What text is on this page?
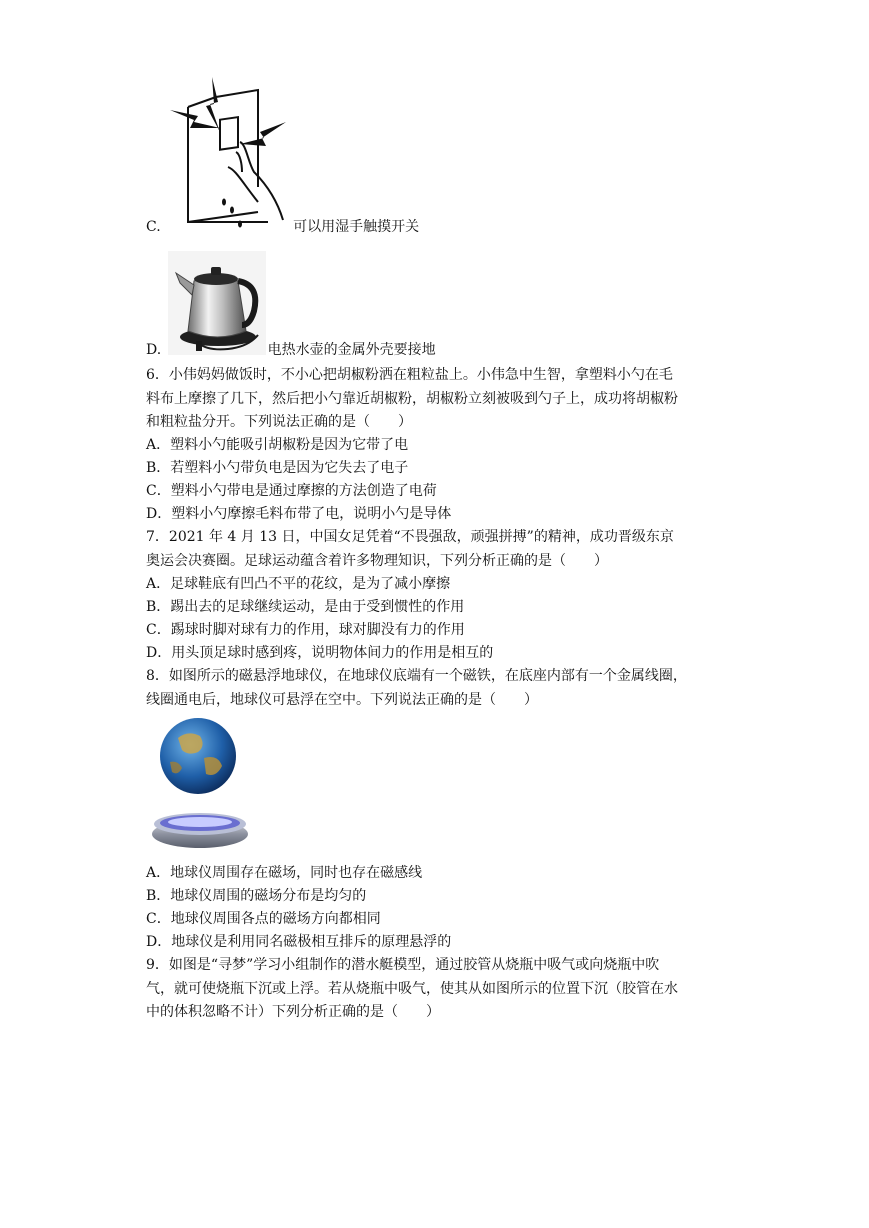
C.	可以用湿手触摸开关
D.	电热水壶的金属外壳要接地
6．小伟妈妈做饭时，不小心把胡椒粉洒在粗粒盐上。小伟急中生智，拿塑料小勺在毛
料布上摩擦了几下，然后把小勺靠近胡椒粉，胡椒粉立刻被吸到勺子上，成功将胡椒粉
和粗粒盐分开。下列说法正确的是（　　）
A．塑料小勺能吸引胡椒粉是因为它带了电
B．若塑料小勺带负电是因为它失去了电子
C．塑料小勺带电是通过摩擦的方法创造了电荷
D．塑料小勺摩擦毛料布带了电，说明小勺是导体
7．2021 年 4 月 13 日，中国女足凭着“不畏强敌，顽强拼搏”的精神，成功晋级东京
奥运会决赛圈。足球运动蕴含着许多物理知识，下列分析正确的是（　　）
A．足球鞋底有凹凸不平的花纹，是为了减小摩擦
B．踢出去的足球继续运动，是由于受到惯性的作用
C．踢球时脚对球有力的作用，球对脚没有力的作用
D．用头顶足球时感到疼，说明物体间力的作用是相互的
8．如图所示的磁悬浮地球仪，在地球仪底端有一个磁铁，在底座内部有一个金属线圈，
线圈通电后，地球仪可悬浮在空中。下列说法正确的是（　　）
A．地球仪周围存在磁场，同时也存在磁感线
B．地球仪周围的磁场分布是均匀的
C．地球仪周围各点的磁场方向都相同
D．地球仪是利用同名磁极相互排斥的原理悬浮的
9．如图是“寻梦”学习小组制作的潜水艇模型，通过胶管从烧瓶中吸气或向烧瓶中吹
气，就可使烧瓶下沉或上浮。若从烧瓶中吸气，使其从如图所示的位置下沉（胶管在水
中的体积忽略不计）下列分析正确的是（　　）
